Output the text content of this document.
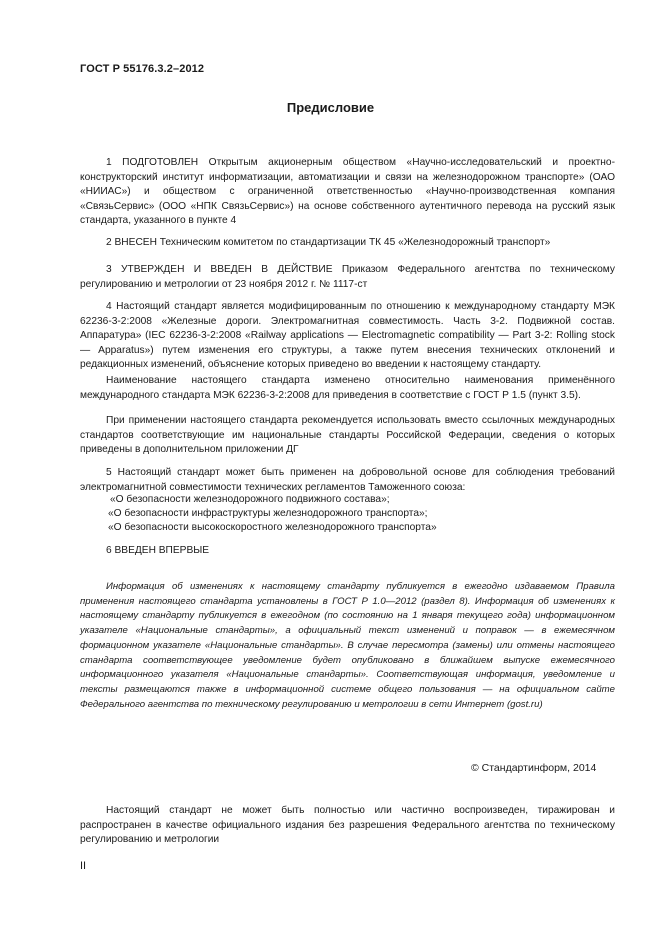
ГОСТ Р 55176.3.2–2012
Предисловие

1 ПОДГОТОВЛЕН Открытым акционерным обществом «Научно-исследовательский и проектно-конструкторский институт информатизации, автоматизации и связи на железнодорожном транспорте» (ОАО «НИИАС») и обществом с ограниченной ответственностью «Научно-производственная компания «СвязьСервис» (ООО «НПК СвязьСервис») на основе собственного аутентичного перевода на русский язык стандарта, указанного в пункте 4

2 ВНЕСЕН Техническим комитетом по стандартизации ТК 45 «Железнодорожный транспорт»

3 УТВЕРЖДЕН И ВВЕДЕН В ДЕЙСТВИЕ Приказом Федерального агентства по техническому регулированию и метрологии от 23 ноября 2012 г. № 1117-ст

4 Настоящий стандарт является модифицированным по отношению к международному стандарту МЭК 62236-3-2:2008 «Железные дороги. Электромагнитная совместимость. Часть 3-2. Подвижной состав. Аппаратура» (IEC 62236-3-2:2008 «Railway applications — Electromagnetic compatibility — Part 3-2: Rolling stock — Apparatus») путем изменения его структуры, а также путем внесения технических отклонений и редакционных изменений, объяснение которых приведено во введении к настоящему стандарту.

Наименование настоящего стандарта изменено относительно наименования применённого международного стандарта МЭК 62236-3-2:2008 для приведения в соответствие с ГОСТ Р 1.5 (пункт 3.5).

При применении настоящего стандарта рекомендуется использовать вместо ссылочных международных стандартов соответствующие им национальные стандарты Российской Федерации, сведения о которых приведены в дополнительном приложении ДГ

5 Настоящий стандарт может быть применен на добровольной основе для соблюдения требований электромагнитной совместимости технических регламентов Таможенного союза:

«О безопасности железнодорожного подвижного состава»;

«О безопасности инфраструктуры железнодорожного транспорта»;

«О безопасности высокоскоростного железнодорожного транспорта»

6 ВВЕДЕН ВПЕРВЫЕ

Информация об изменениях к настоящему стандарту публикуется в ежегодно издаваемом Правила применения настоящего стандарта установлены в ГОСТ Р 1.0—2012 (раздел 8). Информация об изменениях к настоящему стандарту публикуется в ежегодном (по состоянию на 1 января текущего года) информационном указателе «Национальные стандарты», а официальный текст изменений и поправок — в ежемесячном формационном указателе «Национальные стандарты». В случае пересмотра (замены) или отмены настоящего стандарта соответствующее уведомление будет опубликовано в ближайшем выпуске ежемесячного информационного указателя «Национальные стандарты». Соответствующая информация, уведомление и тексты размещаются также в информационной системе общего пользования — на официальном сайте Федерального агентства по техническому регулированию и метрологии в сети Интернет (gost.ru)

© Стандартинформ, 2014

Настоящий стандарт не может быть полностью или частично воспроизведен, тиражирован и распространен в качестве официального издания без разрешения Федерального агентства по техническому регулированию и метрологии

II
